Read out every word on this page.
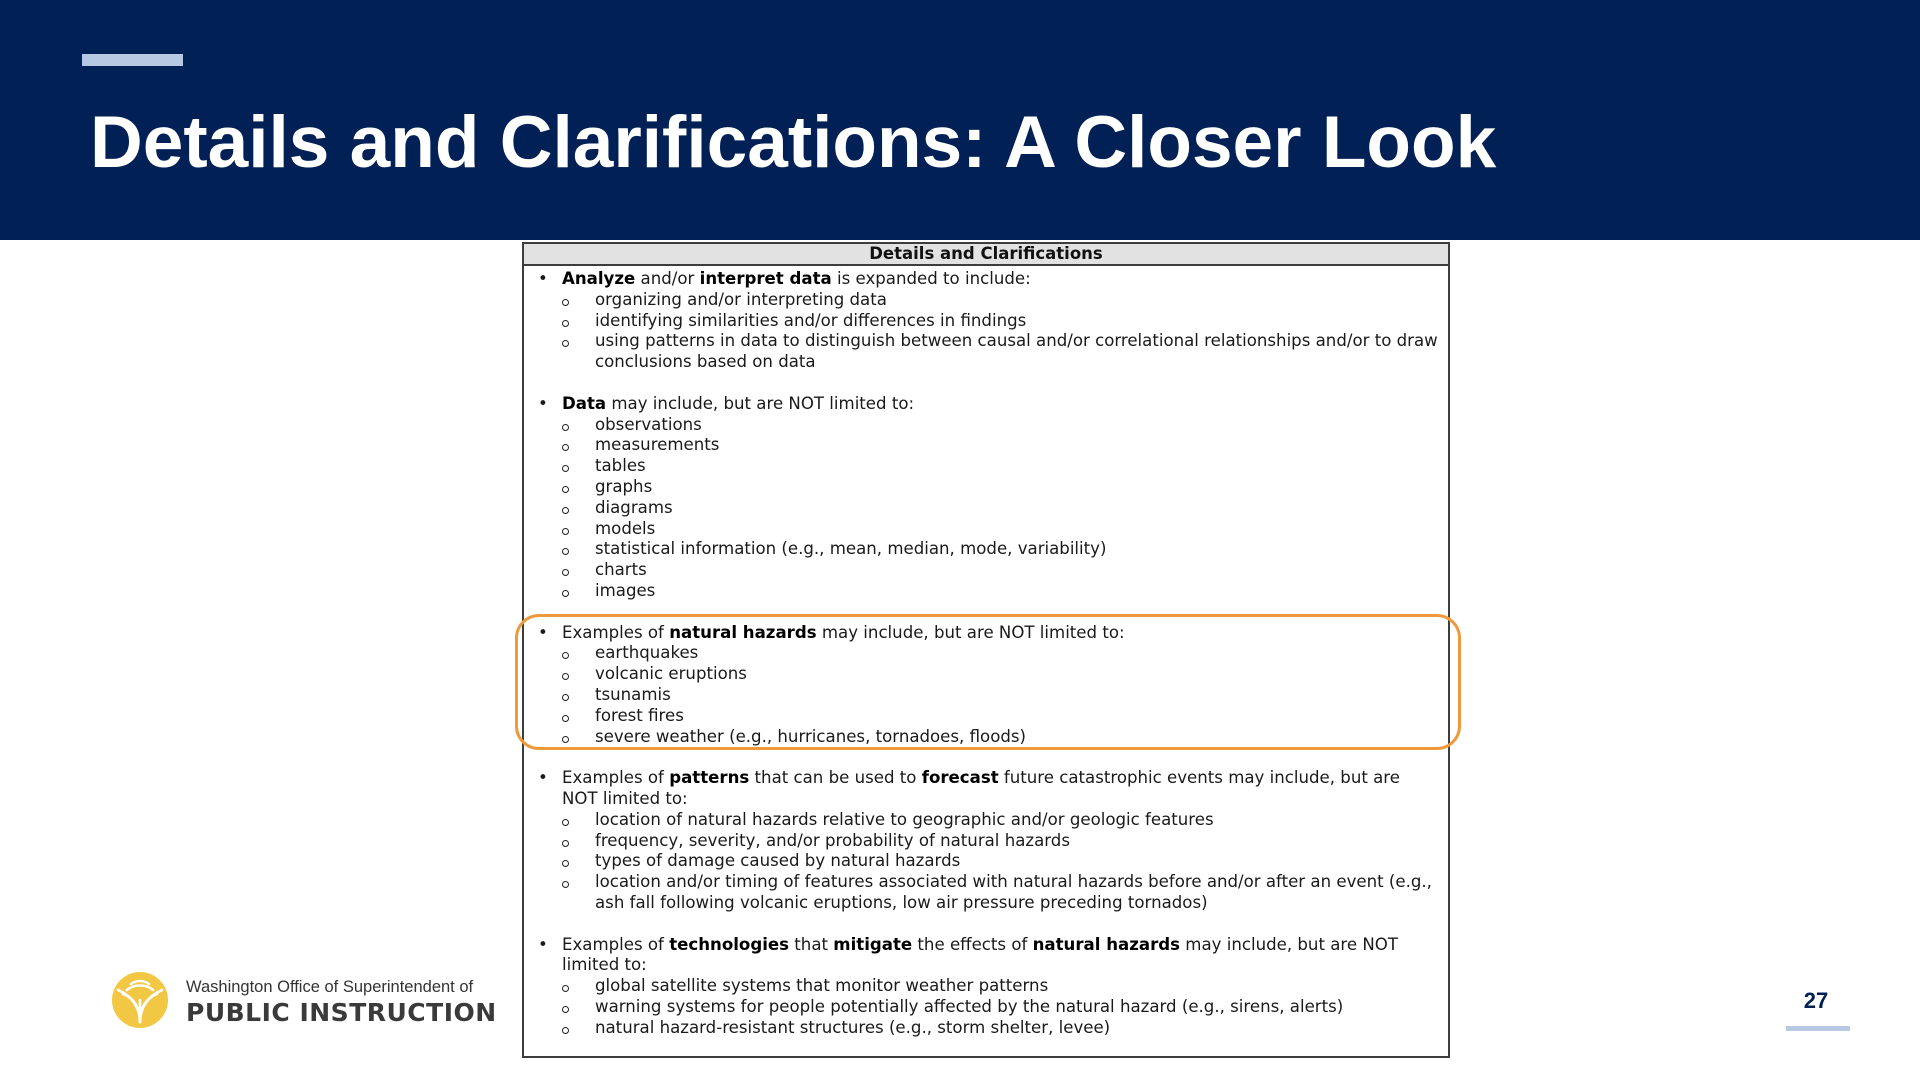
Details and Clarifications: A Closer Look
Details and Clarifications
• Analyze and/or interpret data is expanded to include:
organizing and/or interpreting data
identifying similarities and/or differences in findings
using patterns in data to distinguish between causal and/or correlational relationships and/or to draw conclusions based on data
• Data may include, but are NOT limited to:
observations
measurements
tables
graphs
diagrams
models
statistical information (e.g., mean, median, mode, variability)
charts
images
• Examples of natural hazards may include, but are NOT limited to:
earthquakes
volcanic eruptions
tsunamis
forest fires
severe weather (e.g., hurricanes, tornadoes, floods)
• Examples of patterns that can be used to forecast future catastrophic events may include, but are NOT limited to:
location of natural hazards relative to geographic and/or geologic features
frequency, severity, and/or probability of natural hazards
types of damage caused by natural hazards
location and/or timing of features associated with natural hazards before and/or after an event (e.g., ash fall following volcanic eruptions, low air pressure preceding tornados)
• Examples of technologies that mitigate the effects of natural hazards may include, but are NOT limited to:
global satellite systems that monitor weather patterns
warning systems for people potentially affected by the natural hazard (e.g., sirens, alerts)
natural hazard-resistant structures (e.g., storm shelter, levee)
Washington Office of Superintendent of
PUBLIC INSTRUCTION	27
